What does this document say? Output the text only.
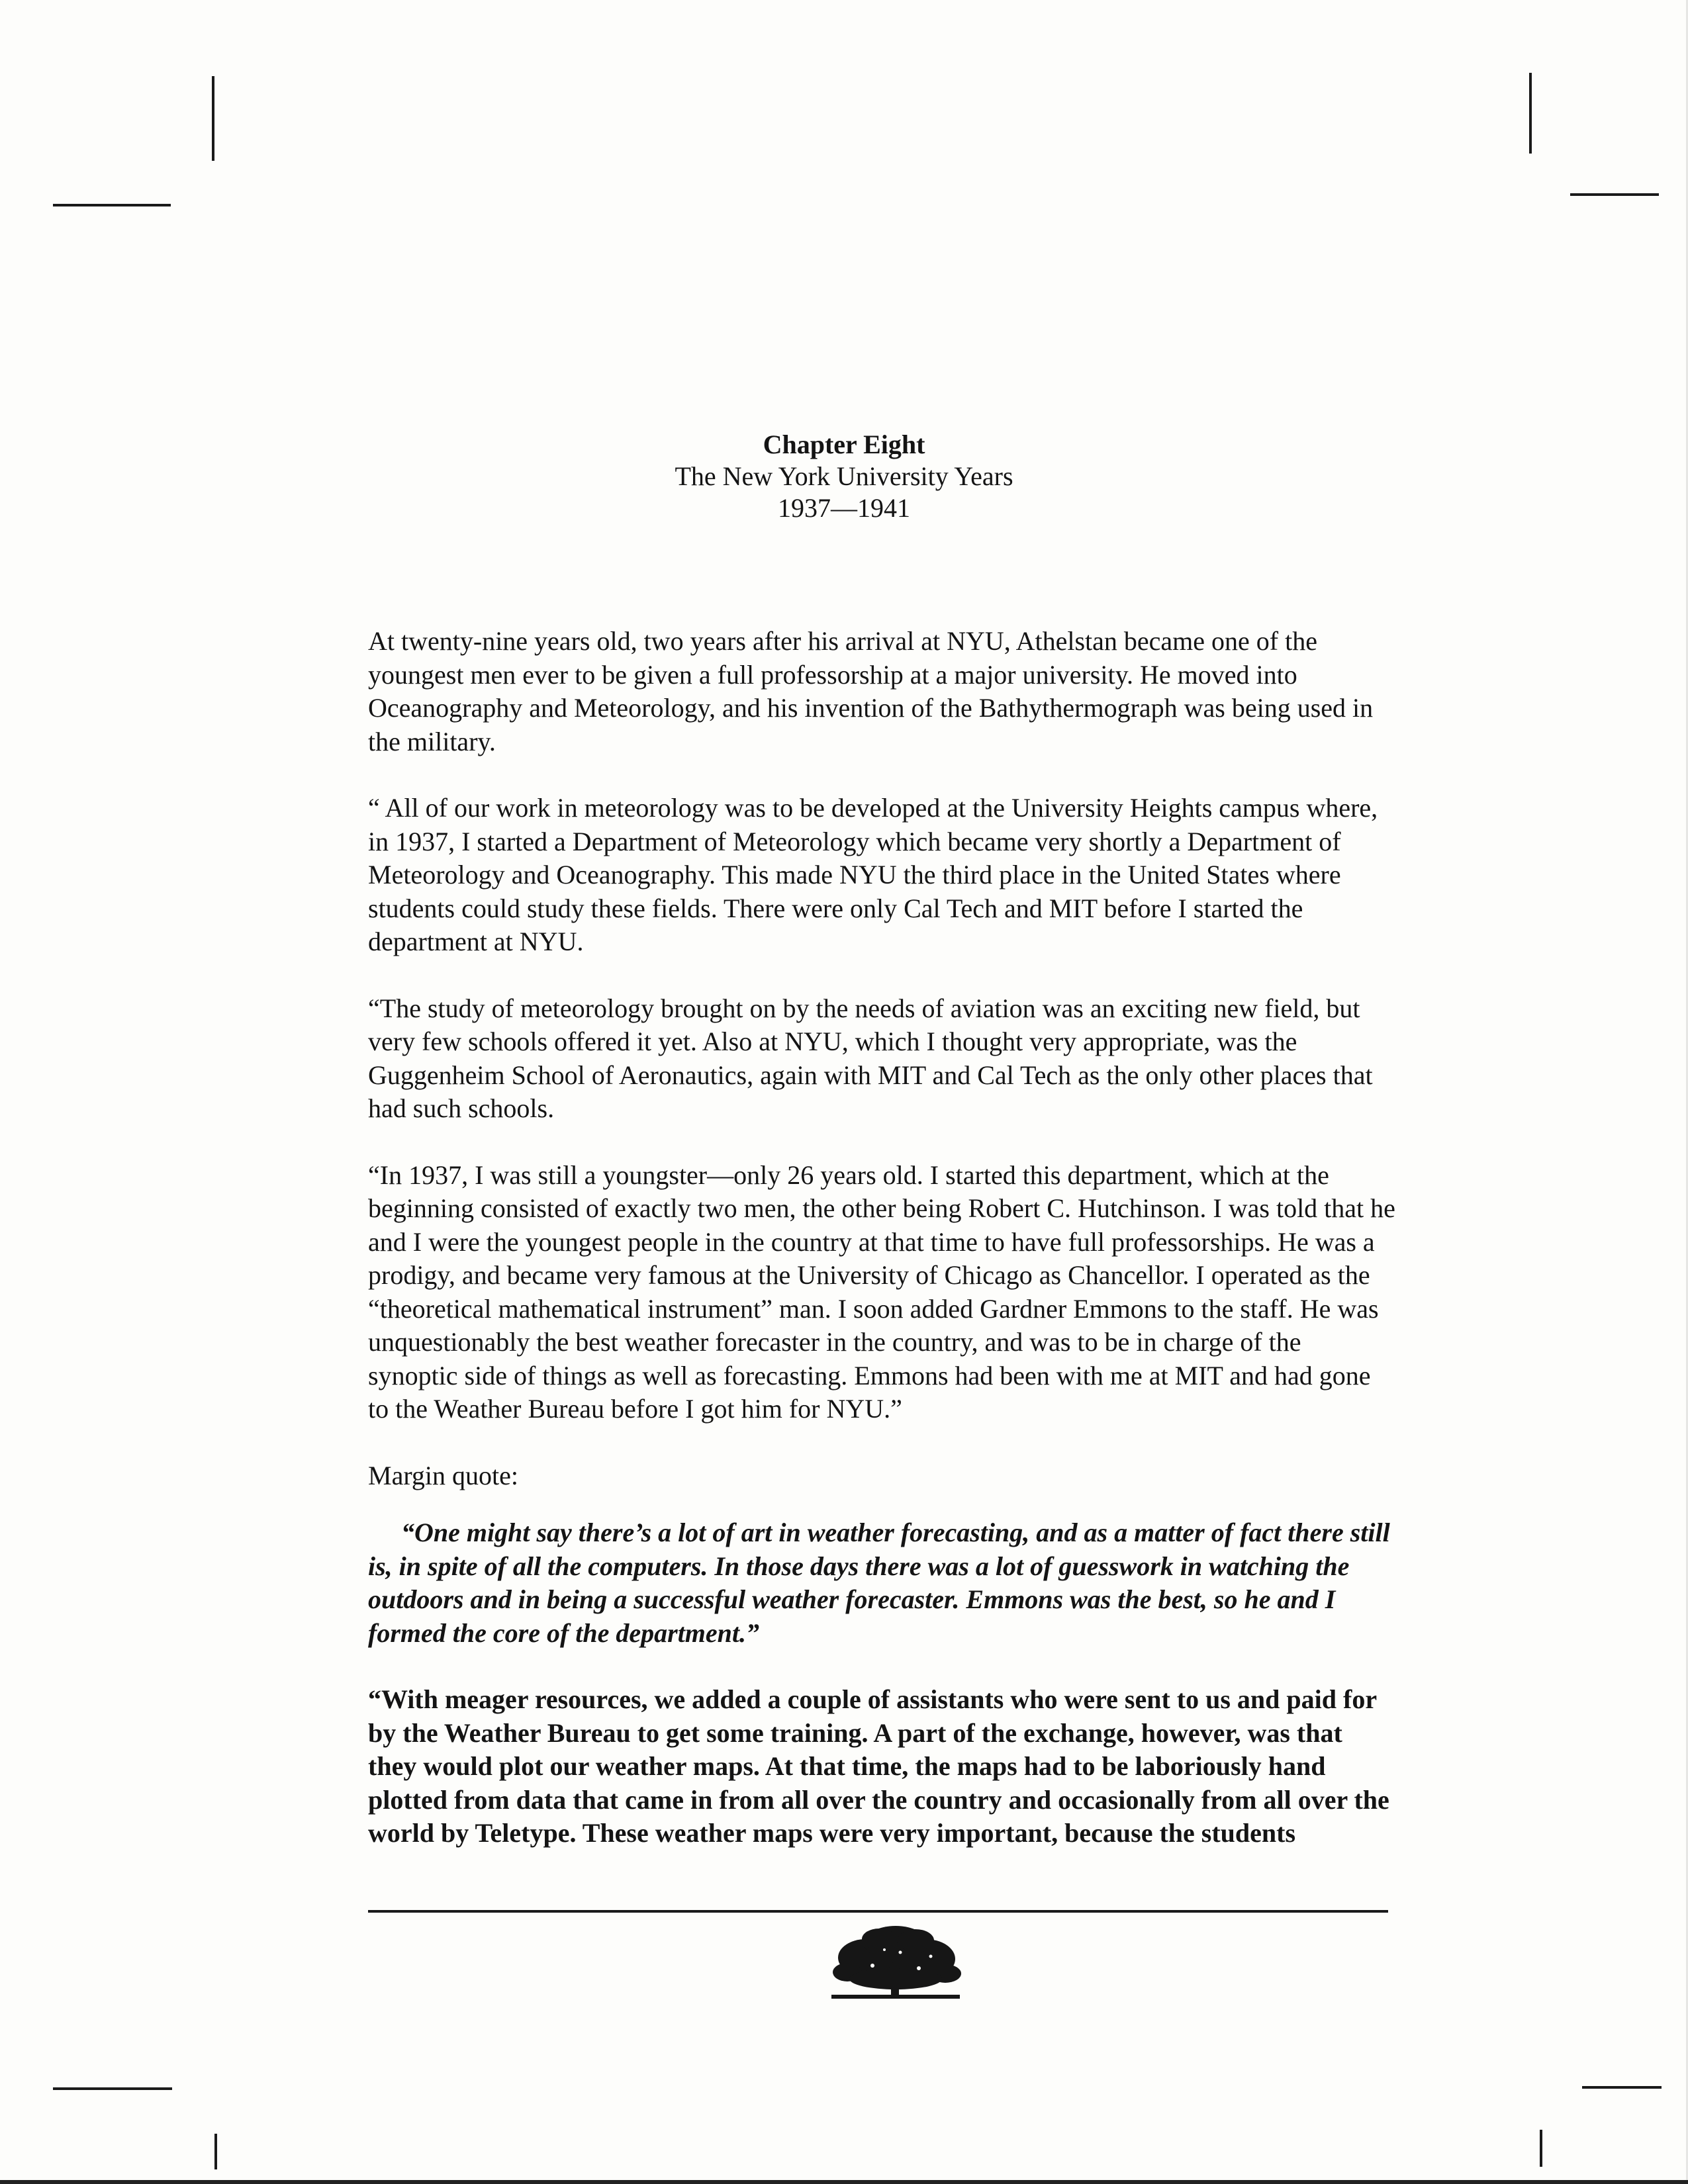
Chapter Eight
The New York University Years
1937—1941

At twenty-nine years old, two years after his arrival at NYU, Athelstan became one of the youngest men ever to be given a full professorship at a major university. He moved into Oceanography and Meteorology, and his invention of the Bathythermograph was being used in the military.

“ All of our work in meteorology was to be developed at the University Heights campus where, in 1937, I started a Department of Meteorology which became very shortly a Department of Meteorology and Oceanography. This made NYU the third place in the United States where students could study these fields. There were only Cal Tech and MIT before I started the department at NYU.

“The study of meteorology brought on by the needs of aviation was an exciting new field, but very few schools offered it yet. Also at NYU, which I thought very appropriate, was the Guggenheim School of Aeronautics, again with MIT and Cal Tech as the only other places that had such schools.

“In 1937, I was still a youngster—only 26 years old. I started this department, which at the beginning consisted of exactly two men, the other being Robert C. Hutchinson. I was told that he and I were the youngest people in the country at that time to have full professorships. He was a prodigy, and became very famous at the University of Chicago as Chancellor. I operated as the “theoretical mathematical instrument” man. I soon added Gardner Emmons to the staff. He was unquestionably the best weather forecaster in the country, and was to be in charge of the synoptic side of things as well as forecasting. Emmons had been with me at MIT and had gone to the Weather Bureau before I got him for NYU.”

Margin quote:

“One might say there’s a lot of art in weather forecasting, and as a matter of fact there still is, in spite of all the computers. In those days there was a lot of guesswork in watching the outdoors and in being a successful weather forecaster. Emmons was the best, so he and I formed the core of the department.”

“With meager resources, we added a couple of assistants who were sent to us and paid for by the Weather Bureau to get some training. A part of the exchange, however, was that they would plot our weather maps. At that time, the maps had to be laboriously hand plotted from data that came in from all over the country and occasionally from all over the world by Teletype. These weather maps were very important, because the students
